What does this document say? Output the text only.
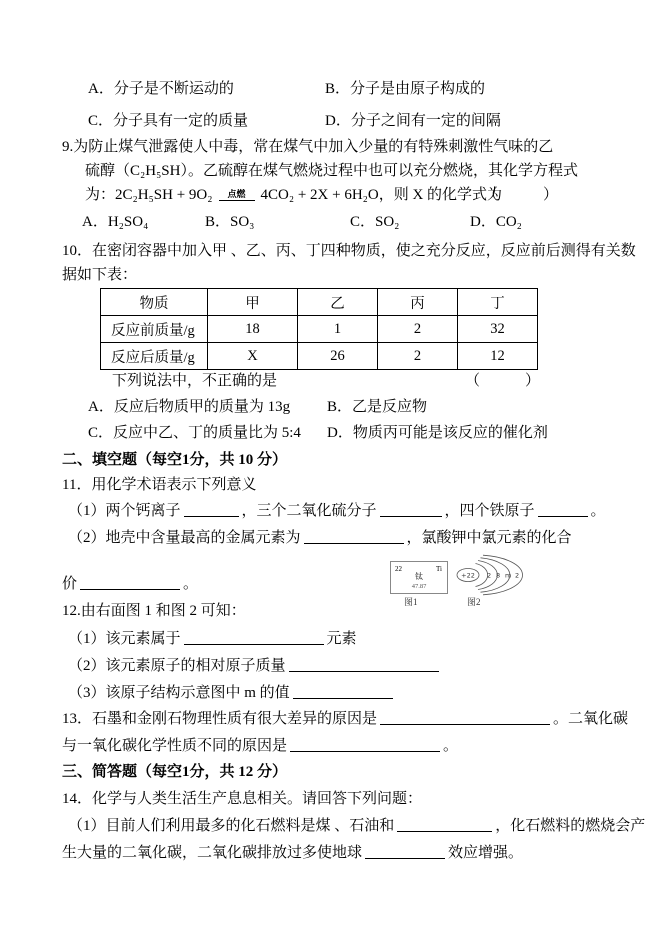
A．分子是不断运动的	B．分子是由原子构成的
C．分子具有一定的质量	D．分子之间有一定的间隔
9.为防止煤气泄露使人中毒，常在煤气中加入少量的有特殊刺激性气味的乙
硫醇（C₂H₅SH）。乙硫醇在煤气燃烧过程中也可以充分燃烧，其化学方程式
为：2C₂H₅SH + 9O₂ 点燃 4CO₂ + 2X + 6H₂O，则 X 的化学式为
（　　　）
A．H₂SO₄	B．SO₃	C．SO₂	D．CO₂
10．在密闭容器中加入甲 、乙、丙、丁四种物质，使之充分反应，反应前后测得有关数
据如下表：
物质	甲	乙	丙	丁
反应前质量/g	18	1	2	32
反应后质量/g	X	26	2	12
下列说法中，不正确的是	（　　　）
A．反应后物质甲的质量为 13g B．乙是反应物
C．反应中乙、丁的质量比为 5:4 D．物质丙可能是该反应的催化剂
二、填空题（每空1分，共 10 分）
11．用化学术语表示下列意义
（1）两个钙离子	，三个二氧化硫分子	，四个铁原子	。
（2）地壳中含量最高的金属元素为	，氯酸钾中氯元素的化合
价	。
22	Ti
钛
47.87
图1
+22 2 8 m 2
图2
12.由右面图 1 和图 2 可知：
（1）该元素属于	元素
（2）该元素原子的相对原子质量
（3）该原子结构示意图中 m 的值
13．石墨和金刚石物理性质有很大差异的原因是	。二氧化碳
与一氧化碳化学性质不同的原因是	。
三、简答题（每空1分，共 12 分）
14．化学与人类生活生产息息相关。请回答下列问题：
（1）目前人们利用最多的化石燃料是煤 、石油和	，化石燃料的燃烧会产
生大量的二氧化碳，二氧化碳排放过多使地球	效应增强。
